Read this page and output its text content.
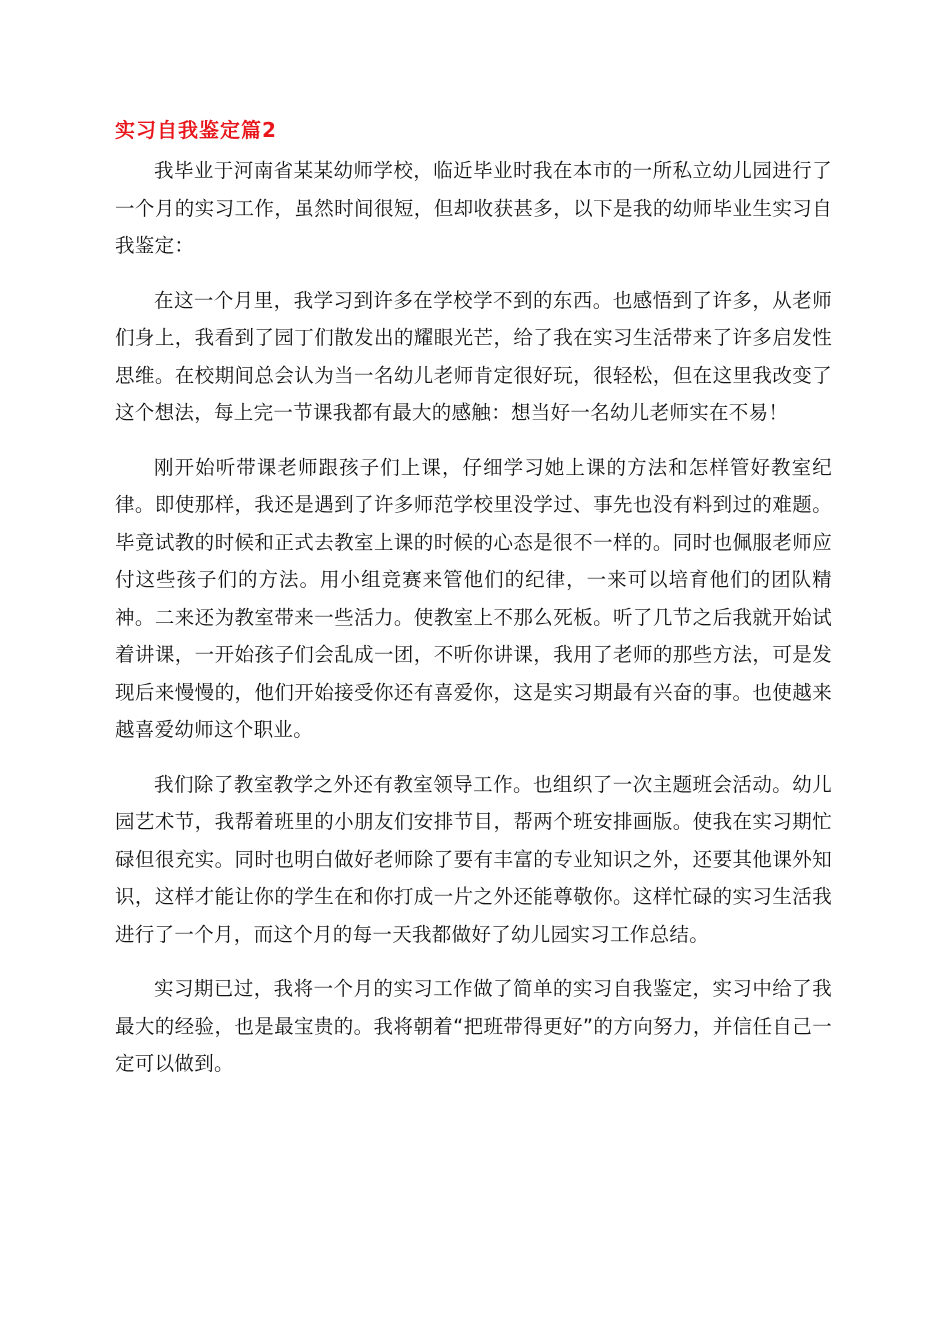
实习自我鉴定篇2

我毕业于河南省某某幼师学校，临近毕业时我在本市的一所私立幼儿园进行了一个月的实习工作，虽然时间很短，但却收获甚多，以下是我的幼师毕业生实习自我鉴定：

在这一个月里，我学习到许多在学校学不到的东西。也感悟到了许多，从老师们身上，我看到了园丁们散发出的耀眼光芒，给了我在实习生活带来了许多启发性思维。在校期间总会认为当一名幼儿老师肯定很好玩，很轻松，但在这里我改变了这个想法，每上完一节课我都有最大的感触：想当好一名幼儿老师实在不易！

刚开始听带课老师跟孩子们上课，仔细学习她上课的方法和怎样管好教室纪律。即使那样，我还是遇到了许多师范学校里没学过、事先也没有料到过的难题。毕竟试教的时候和正式去教室上课的时候的心态是很不一样的。同时也佩服老师应付这些孩子们的方法。用小组竞赛来管他们的纪律，一来可以培育他们的团队精神。二来还为教室带来一些活力。使教室上不那么死板。听了几节之后我就开始试着讲课，一开始孩子们会乱成一团，不听你讲课，我用了老师的那些方法，可是发现后来慢慢的，他们开始接受你还有喜爱你，这是实习期最有兴奋的事。也使越来越喜爱幼师这个职业。

我们除了教室教学之外还有教室领导工作。也组织了一次主题班会活动。幼儿园艺术节，我帮着班里的小朋友们安排节目，帮两个班安排画版。使我在实习期忙碌但很充实。同时也明白做好老师除了要有丰富的专业知识之外，还要其他课外知识，这样才能让你的学生在和你打成一片之外还能尊敬你。这样忙碌的实习生活我进行了一个月，而这个月的每一天我都做好了幼儿园实习工作总结。

实习期已过，我将一个月的实习工作做了简单的实习自我鉴定，实习中给了我最大的经验，也是最宝贵的。我将朝着“把班带得更好”的方向努力，并信任自己一定可以做到。
